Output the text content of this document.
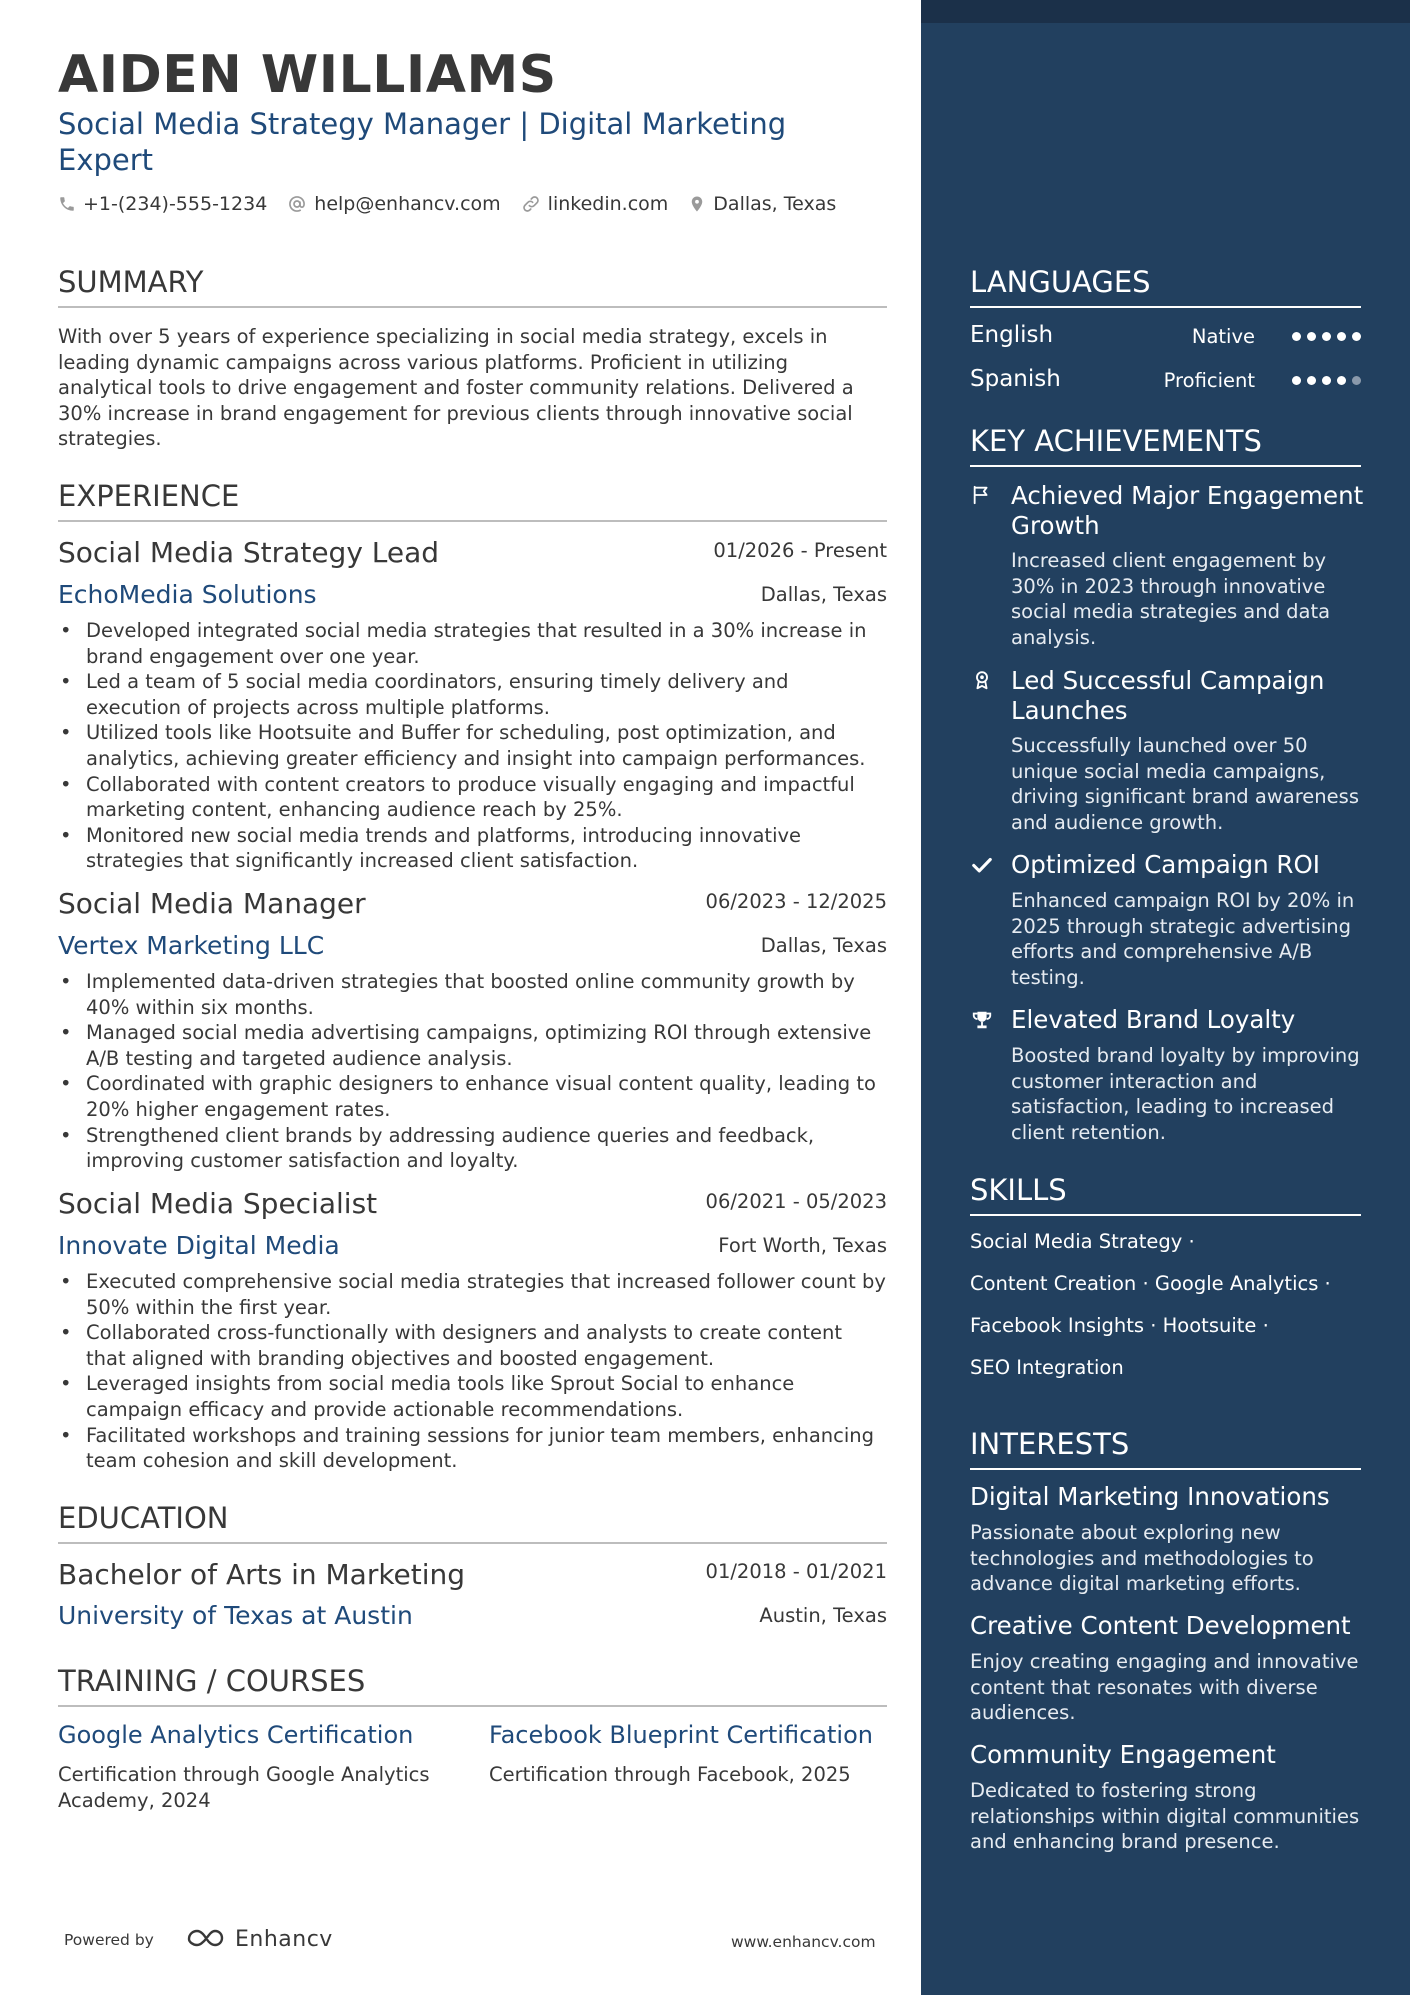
AIDEN WILLIAMS
Social Media Strategy Manager | Digital Marketing Expert
+1-(234)-555-1234 help@enhancv.com linkedin.com Dallas, Texas
SUMMARY
With over 5 years of experience specializing in social media strategy, excels in leading dynamic campaigns across various platforms. Proficient in utilizing analytical tools to drive engagement and foster community relations. Delivered a 30% increase in brand engagement for previous clients through innovative social strategies.
EXPERIENCE
Social Media Strategy Lead	01/2026 - Present
EchoMedia Solutions	Dallas, Texas
• Developed integrated social media strategies that resulted in a 30% increase in brand engagement over one year.
• Led a team of 5 social media coordinators, ensuring timely delivery and execution of projects across multiple platforms.
• Utilized tools like Hootsuite and Buffer for scheduling, post optimization, and analytics, achieving greater efficiency and insight into campaign performances.
• Collaborated with content creators to produce visually engaging and impactful marketing content, enhancing audience reach by 25%.
• Monitored new social media trends and platforms, introducing innovative strategies that significantly increased client satisfaction.
Social Media Manager	06/2023 - 12/2025
Vertex Marketing LLC	Dallas, Texas
• Implemented data-driven strategies that boosted online community growth by 40% within six months.
• Managed social media advertising campaigns, optimizing ROI through extensive A/B testing and targeted audience analysis.
• Coordinated with graphic designers to enhance visual content quality, leading to 20% higher engagement rates.
• Strengthened client brands by addressing audience queries and feedback, improving customer satisfaction and loyalty.
Social Media Specialist	06/2021 - 05/2023
Innovate Digital Media	Fort Worth, Texas
• Executed comprehensive social media strategies that increased follower count by 50% within the first year.
• Collaborated cross-functionally with designers and analysts to create content that aligned with branding objectives and boosted engagement.
• Leveraged insights from social media tools like Sprout Social to enhance campaign efficacy and provide actionable recommendations.
• Facilitated workshops and training sessions for junior team members, enhancing team cohesion and skill development.
EDUCATION
Bachelor of Arts in Marketing	01/2018 - 01/2021
University of Texas at Austin	Austin, Texas
TRAINING / COURSES
Google Analytics Certification
Certification through Google Analytics Academy, 2024
Facebook Blueprint Certification
Certification through Facebook, 2025
Powered by	Enhancv	www.enhancv.com
LANGUAGES
English	Native
Spanish	Proficient
KEY ACHIEVEMENTS
Achieved Major Engagement Growth
Increased client engagement by 30% in 2023 through innovative social media strategies and data analysis.
Led Successful Campaign Launches
Successfully launched over 50 unique social media campaigns, driving significant brand awareness and audience growth.
Optimized Campaign ROI
Enhanced campaign ROI by 20% in 2025 through strategic advertising efforts and comprehensive A/B testing.
Elevated Brand Loyalty
Boosted brand loyalty by improving customer interaction and satisfaction, leading to increased client retention.
SKILLS
Social Media Strategy ·
Content Creation · Google Analytics ·
Facebook Insights · Hootsuite ·
SEO Integration
INTERESTS
Digital Marketing Innovations
Passionate about exploring new technologies and methodologies to advance digital marketing efforts.
Creative Content Development
Enjoy creating engaging and innovative content that resonates with diverse audiences.
Community Engagement
Dedicated to fostering strong relationships within digital communities and enhancing brand presence.
